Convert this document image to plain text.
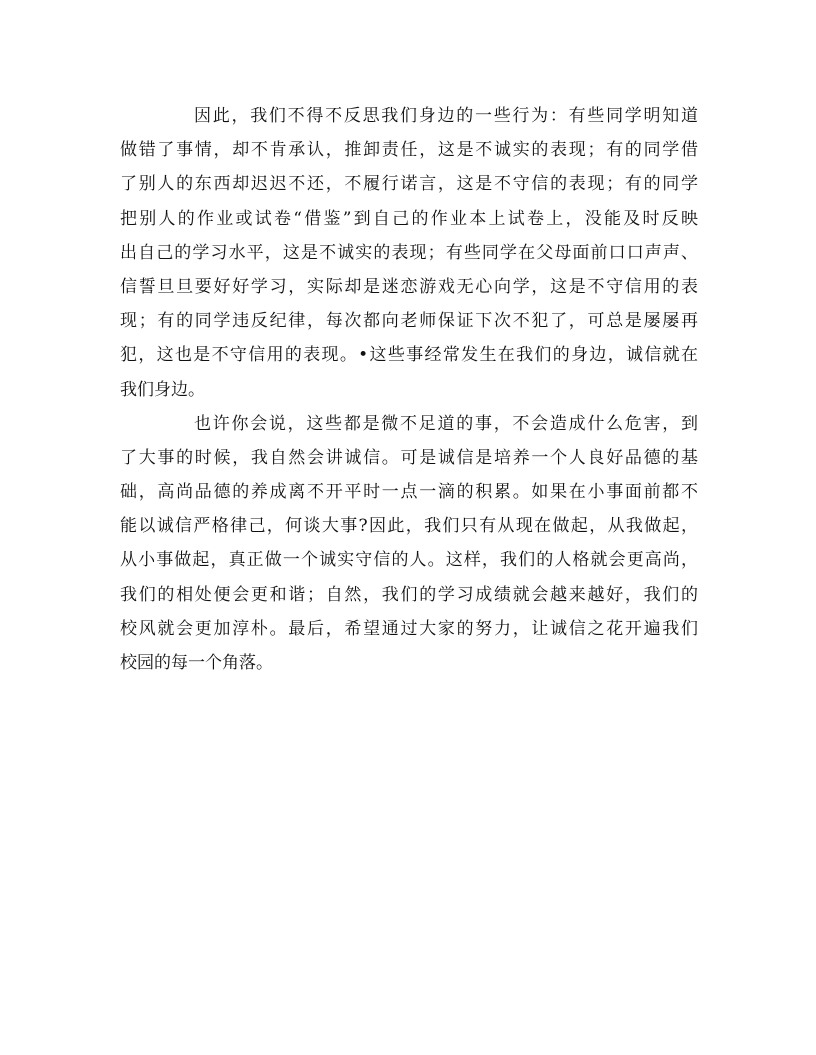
因此，我们不得不反思我们身边的一些行为：有些同学明知道
做错了事情，却不肯承认，推卸责任，这是不诚实的表现；有的同学借
了别人的东西却迟迟不还，不履行诺言，这是不守信的表现；有的同学
把别人的作业或试卷“借鉴”到自己的作业本上试卷上，没能及时反映
出自己的学习水平，这是不诚实的表现；有些同学在父母面前口口声声、
信誓旦旦要好好学习，实际却是迷恋游戏无心向学，这是不守信用的表
现；有的同学违反纪律，每次都向老师保证下次不犯了，可总是屡屡再
犯，这也是不守信用的表现。•这些事经常发生在我们的身边，诚信就在
我们身边。

也许你会说，这些都是微不足道的事，不会造成什么危害，到
了大事的时候，我自然会讲诚信。可是诚信是培养一个人良好品德的基
础，高尚品德的养成离不开平时一点一滴的积累。如果在小事面前都不
能以诚信严格律己，何谈大事?因此，我们只有从现在做起，从我做起，
从小事做起，真正做一个诚实守信的人。这样，我们的人格就会更高尚，
我们的相处便会更和谐；自然，我们的学习成绩就会越来越好，我们的
校风就会更加淳朴。最后，希望通过大家的努力，让诚信之花开遍我们
校园的每一个角落。
